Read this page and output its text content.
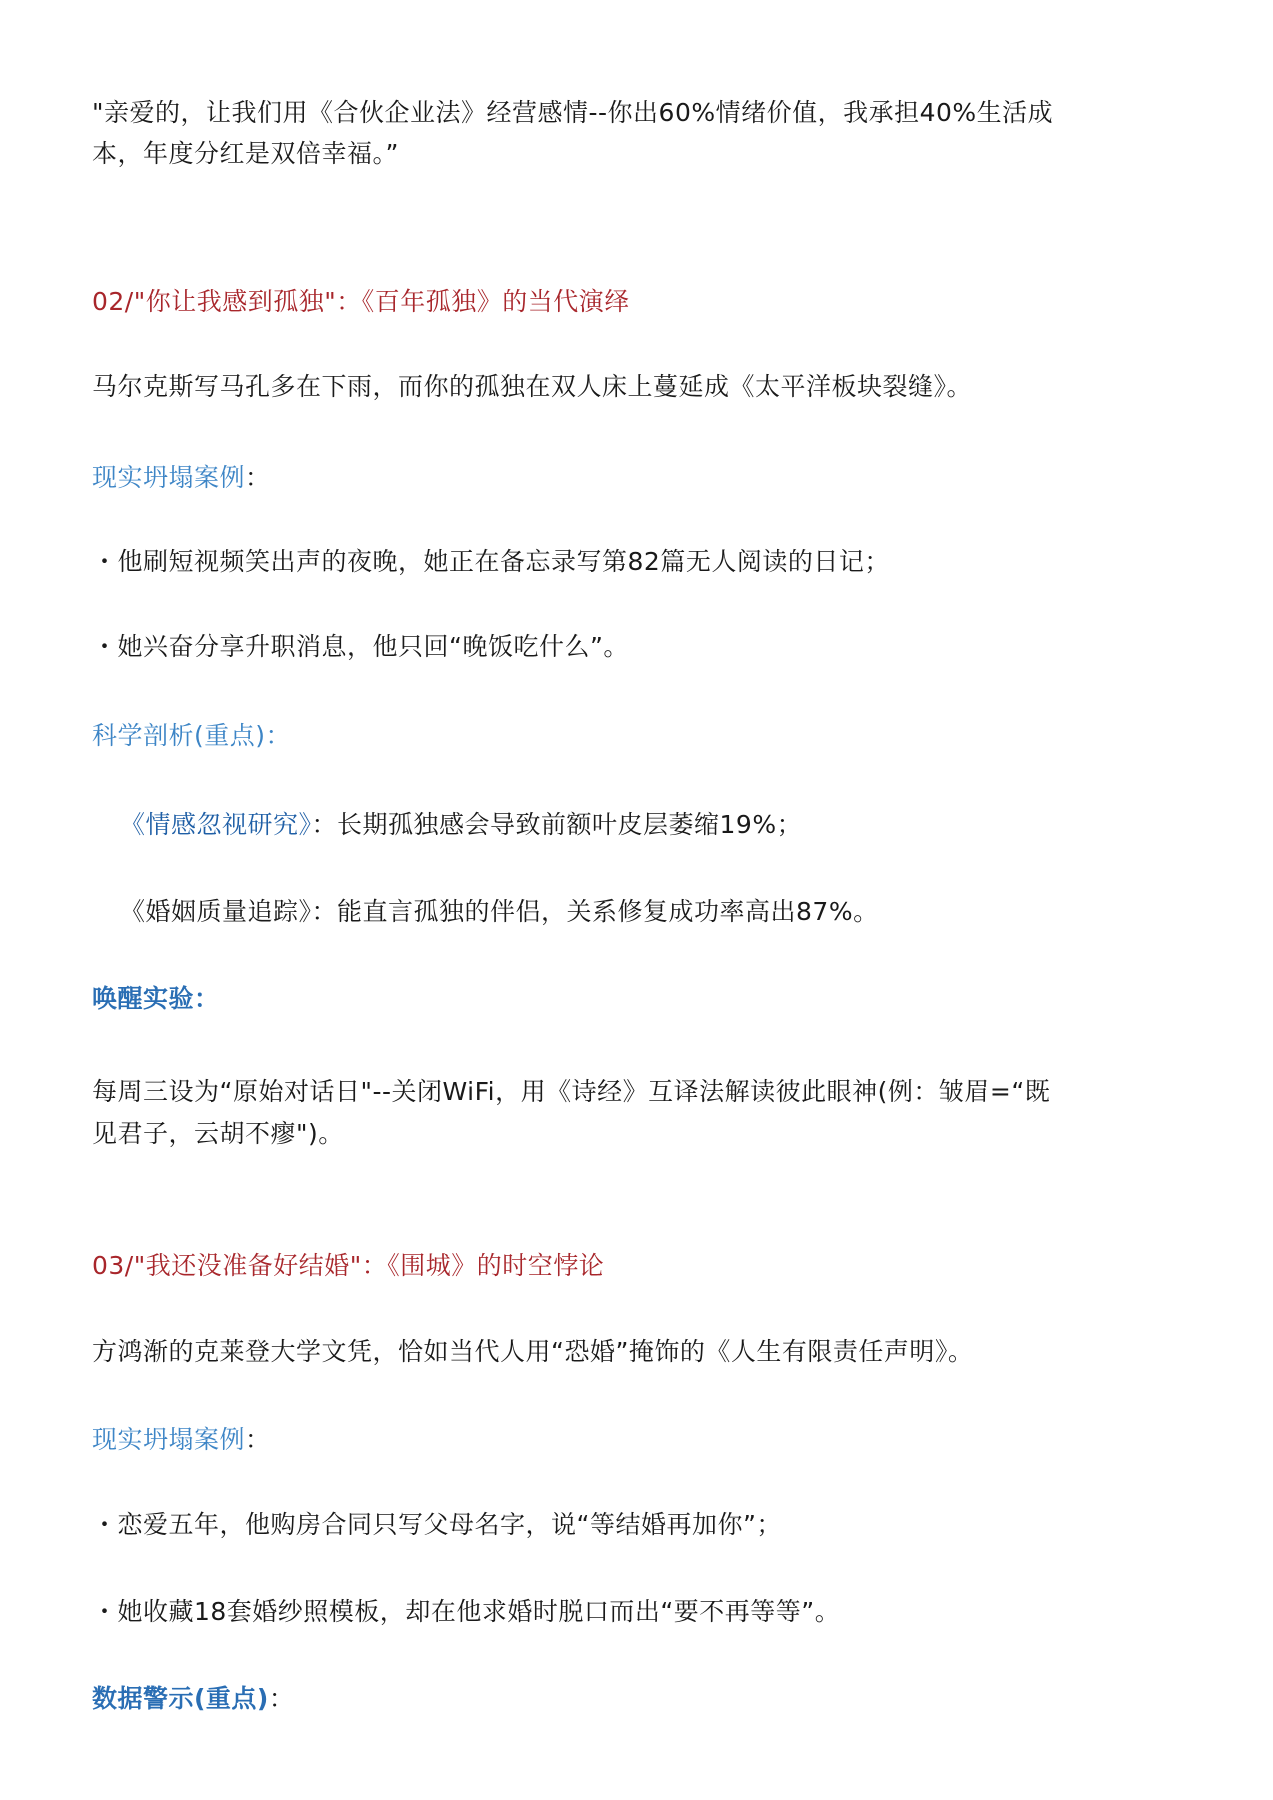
"亲爱的，让我们用《合伙企业法》经营感情--你出60%情绪价值，我承担40%生活成
本，年度分红是双倍幸福。”
02/"你让我感到孤独"：《百年孤独》的当代演绎
马尔克斯写马孔多在下雨，而你的孤独在双人床上蔓延成《太平洋板块裂缝》。
现实坍塌案例：
・他刷短视频笑出声的夜晚，她正在备忘录写第82篇无人阅读的日记；
・她兴奋分享升职消息，他只回“晚饭吃什么”。
科学剖析(重点)：
《情感忽视研究》：长期孤独感会导致前额叶皮层萎缩19%；
《婚姻质量追踪》：能直言孤独的伴侣，关系修复成功率高出87%。
唤醒实验：
每周三设为“原始对话日"--关闭WiFi，用《诗经》互译法解读彼此眼神(例：皱眉=“既
见君子，云胡不瘳")。
03/"我还没准备好结婚"：《围城》的时空悖论
方鸿渐的克莱登大学文凭，恰如当代人用“恐婚”掩饰的《人生有限责任声明》。
现实坍塌案例：
・恋爱五年，他购房合同只写父母名字，说“等结婚再加你”；
・她收藏18套婚纱照模板，却在他求婚时脱口而出“要不再等等”。
数据警示(重点)：
